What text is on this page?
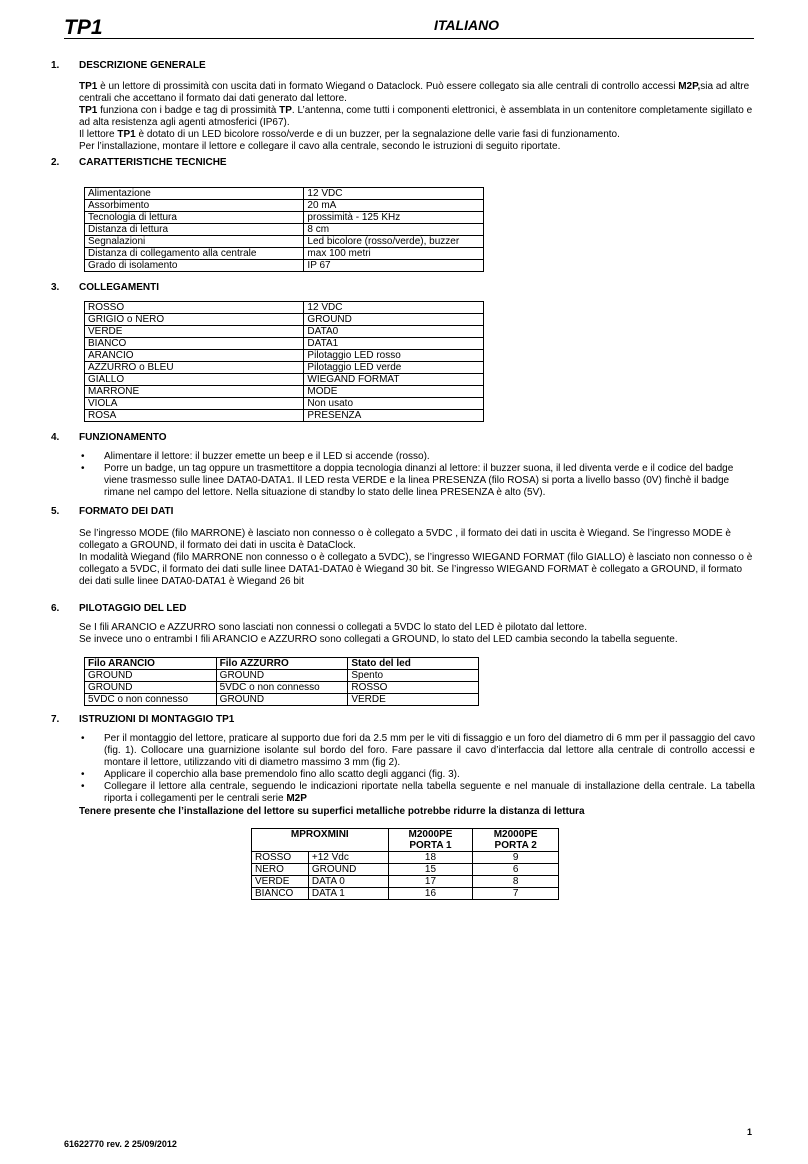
TP1	ITALIANO
1. DESCRIZIONE GENERALE

TP1 è un lettore di prossimità con uscita dati in formato Wiegand o Dataclock. Può essere collegato sia alle centrali di controllo accessi M2P,sia ad altre centrali che accettano il formato dai dati generato dal lettore.

TP1 funziona con i badge e tag di prossimità TP. L’antenna, come tutti i componenti elettronici, è assemblata in un contenitore completamente sigillato e ad alta resistenza agli agenti atmosferici (IP67).

Il lettore TP1 è dotato di un LED bicolore rosso/verde e di un buzzer, per la segnalazione delle varie fasi di funzionamento.

Per l’installazione, montare il lettore e collegare il cavo alla centrale, secondo le istruzioni di seguito riportate.

2. CARATTERISTICHE TECNICHE
Alimentazione	12 VDC
Assorbimento	20 mA
Tecnologia di lettura	prossimità - 125 KHz
Distanza di lettura	8 cm
Segnalazioni	Led bicolore (rosso/verde), buzzer
Distanza di collegamento alla centrale	max 100 metri
Grado di isolamento	IP 67
3. COLLEGAMENTI
ROSSO	12 VDC
GRIGIO o NERO	GROUND
VERDE	DATA0
BIANCO	DATA1
ARANCIO	Pilotaggio LED rosso
AZZURRO o BLEU	Pilotaggio LED verde
GIALLO	WIEGAND FORMAT
MARRONE	MODE
VIOLA	Non usato
ROSA	PRESENZA
4. FUNZIONAMENTO
• Alimentare il lettore: il buzzer emette un beep e il LED si accende (rosso).
• Porre un badge, un tag oppure un trasmettitore a doppia tecnologia dinanzi al lettore: il buzzer suona, il led diventa verde e il codice del badge viene trasmesso sulle linee DATA0-DATA1. Il LED resta VERDE e la linea PRESENZA (filo ROSA) si porta a livello basso (0V) finchè il badge rimane nel campo del lettore. Nella situazione di standby lo stato delle linea PRESENZA è alto (5V).
5. FORMATO DEI DATI

Se l’ingresso MODE (filo MARRONE) è lasciato non connesso o è collegato a 5VDC , il formato dei dati in uscita è Wiegand. Se l’ingresso MODE è collegato a GROUND, il formato dei dati in uscita è DataClock.

In modalità Wiegand (filo MARRONE non connesso o è collegato a 5VDC), se l’ingresso WIEGAND FORMAT (filo GIALLO) è lasciato non connesso o è collegato a 5VDC, il formato dei dati sulle linee DATA1-DATA0 è Wiegand 30 bit. Se l’ingresso WIEGAND FORMAT è collegato a GROUND, il formato dei dati sulle linee DATA0-DATA1 è Wiegand 26 bit

6. PILOTAGGIO DEL LED

Se I fili ARANCIO e AZZURRO sono lasciati non connessi o collegati a 5VDC lo stato del LED è pilotato dal lettore.

Se invece uno o entrambi I fili ARANCIO e AZZURRO sono collegati a GROUND, lo stato del LED cambia secondo la tabella seguente.

Filo ARANCIO	Filo AZZURRO	Stato del led
GROUND	GROUND	Spento
GROUND	5VDC o non connesso	ROSSO
5VDC o non connesso	GROUND	VERDE
7. ISTRUZIONI DI MONTAGGIO TP1
• Per il montaggio del lettore, praticare al supporto due fori da 2.5 mm per le viti di fissaggio e un foro del diametro di 6 mm per il passaggio del cavo (fig. 1). Collocare una guarnizione isolante sul bordo del foro. Fare passare il cavo d’interfaccia dal lettore alla centrale di controllo accessi e montare il lettore, utilizzando viti di diametro massimo 3 mm (fig 2).
• Applicare il coperchio alla base premendolo fino allo scatto degli agganci (fig. 3).
• Collegare il lettore alla centrale, seguendo le indicazioni riportate nella tabella seguente e nel manuale di installazione della centrale. La tabella riporta i collegamenti per le centrali serie M2P
Tenere presente che l’installazione del lettore su superfici metalliche potrebbe ridurre la distanza di lettura
MPROXMINI		M2000PE PORTA 1	M2000PE PORTA 2
ROSSO	+12 Vdc	18	9
NERO	GROUND	15	6
VERDE	DATA 0	17	8
BIANCO	DATA 1	16	7
1
61622770 rev. 2 25/09/2012
